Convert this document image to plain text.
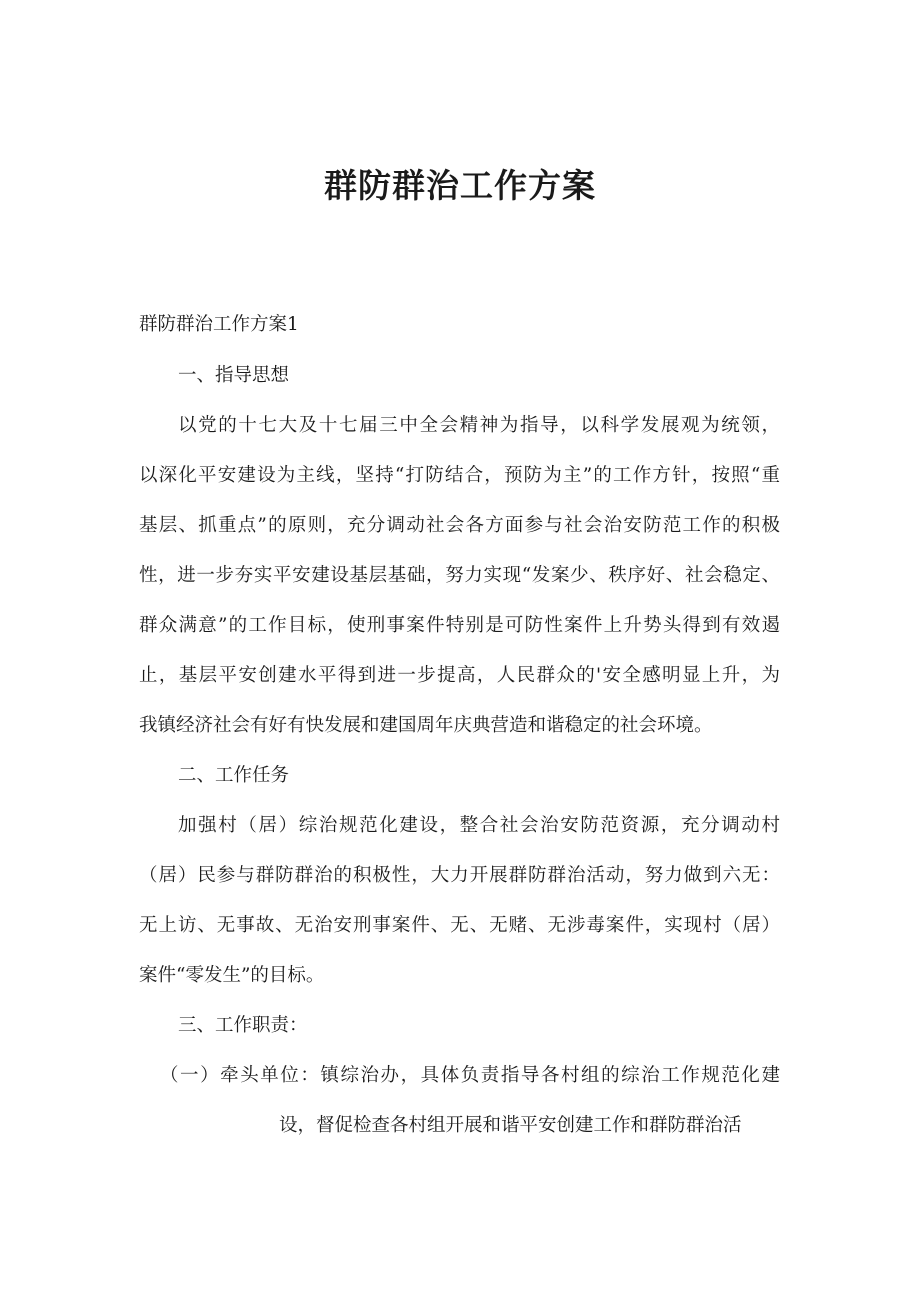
群防群治工作方案
群防群治工作方案1
一、指导思想
以党的十七大及十七届三中全会精神为指导，以科学发展观为统领，
以深化平安建设为主线，坚持“打防结合，预防为主”的工作方针，按照“重
基层、抓重点”的原则，充分调动社会各方面参与社会治安防范工作的积极
性，进一步夯实平安建设基层基础，努力实现“发案少、秩序好、社会稳定、
群众满意”的工作目标，使刑事案件特别是可防性案件上升势头得到有效遏
止，基层平安创建水平得到进一步提高，人民群众的'安全感明显上升，为
我镇经济社会有好有快发展和建国周年庆典营造和谐稳定的社会环境。
二、工作任务
加强村（居）综治规范化建设，整合社会治安防范资源，充分调动村
（居）民参与群防群治的积极性，大力开展群防群治活动，努力做到六无：
无上访、无事故、无治安刑事案件、无、无赌、无涉毒案件，实现村（居）
案件“零发生”的目标。
三、工作职责：
（一）牵头单位：镇综治办，具体负责指导各村组的综治工作规范化建
设，督促检查各村组开展和谐平安创建工作和群防群治活
